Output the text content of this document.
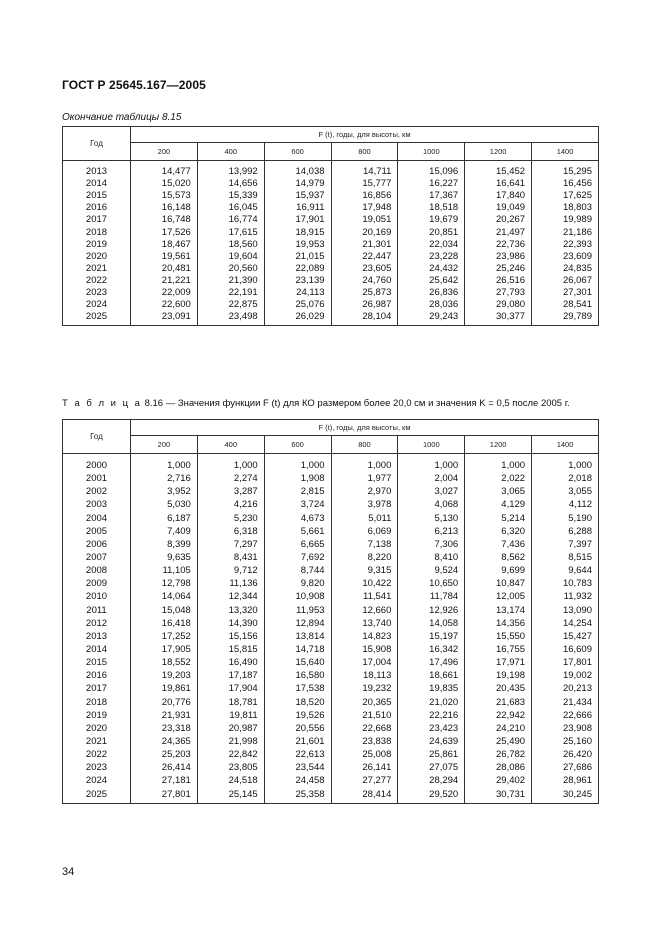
ГОСТ Р 25645.167—2005
Окончание таблицы 8.15
Год	F (t), годы, для высоты, км						
	200	400	600	800	1000	1200	1400
2013	14,477	13,992	14,038	14,711	15,096	15,452	15,295
2014	15,020	14,656	14,979	15,777	16,227	16,641	16,456
2015	15,573	15,339	15,937	16,856	17,367	17,840	17,625
2016	16,148	16,045	16,911	17,948	18,518	19,049	18,803
2017	16,748	16,774	17,901	19,051	19,679	20,267	19,989
2018	17,526	17,615	18,915	20,169	20,851	21,497	21,186
2019	18,467	18,560	19,953	21,301	22,034	22,736	22,393
2020	19,561	19,604	21,015	22,447	23,228	23,986	23,609
2021	20,481	20,560	22,089	23,605	24,432	25,246	24,835
2022	21,221	21,390	23,139	24,760	25,642	26,516	26,067
2023	22,009	22,191	24,113	25,873	26,836	27,793	27,301
2024	22,600	22,875	25,076	26,987	28,036	29,080	28,541
2025	23,091	23,498	26,029	28,104	29,243	30,377	29,789
Т а б л и ц а 8.16 — Значения функции F (t) для КО размером более 20,0 см и значения K = 0,5 после 2005 г.
Год	F (t), годы, для высоты, км						
	200	400	600	800	1000	1200	1400
2000	1,000	1,000	1,000	1,000	1,000	1,000	1,000
2001	2,716	2,274	1,908	1,977	2,004	2,022	2,018
2002	3,952	3,287	2,815	2,970	3,027	3,065	3,055
2003	5,030	4,216	3,724	3,978	4,068	4,129	4,112
2004	6,187	5,230	4,673	5,011	5,130	5,214	5,190
2005	7,409	6,318	5,661	6,069	6,213	6,320	6,288
2006	8,399	7,297	6,665	7,138	7,306	7,436	7,397
2007	9,635	8,431	7,692	8,220	8,410	8,562	8,515
2008	11,105	9,712	8,744	9,315	9,524	9,699	9,644
2009	12,798	11,136	9,820	10,422	10,650	10,847	10,783
2010	14,064	12,344	10,908	11,541	11,784	12,005	11,932
2011	15,048	13,320	11,953	12,660	12,926	13,174	13,090
2012	16,418	14,390	12,894	13,740	14,058	14,356	14,254
2013	17,252	15,156	13,814	14,823	15,197	15,550	15,427
2014	17,905	15,815	14,718	15,908	16,342	16,755	16,609
2015	18,552	16,490	15,640	17,004	17,496	17,971	17,801
2016	19,203	17,187	16,580	18,113	18,661	19,198	19,002
2017	19,861	17,904	17,538	19,232	19,835	20,435	20,213
2018	20,776	18,781	18,520	20,365	21,020	21,683	21,434
2019	21,931	19,811	19,526	21,510	22,216	22,942	22,666
2020	23,318	20,987	20,556	22,668	23,423	24,210	23,908
2021	24,365	21,998	21,601	23,838	24,639	25,490	25,160
2022	25,203	22,842	22,613	25,008	25,861	26,782	26,420
2023	26,414	23,805	23,544	26,141	27,075	28,086	27,686
2024	27,181	24,518	24,458	27,277	28,294	29,402	28,961
2025	27,801	25,145	25,358	28,414	29,520	30,731	30,245
34
